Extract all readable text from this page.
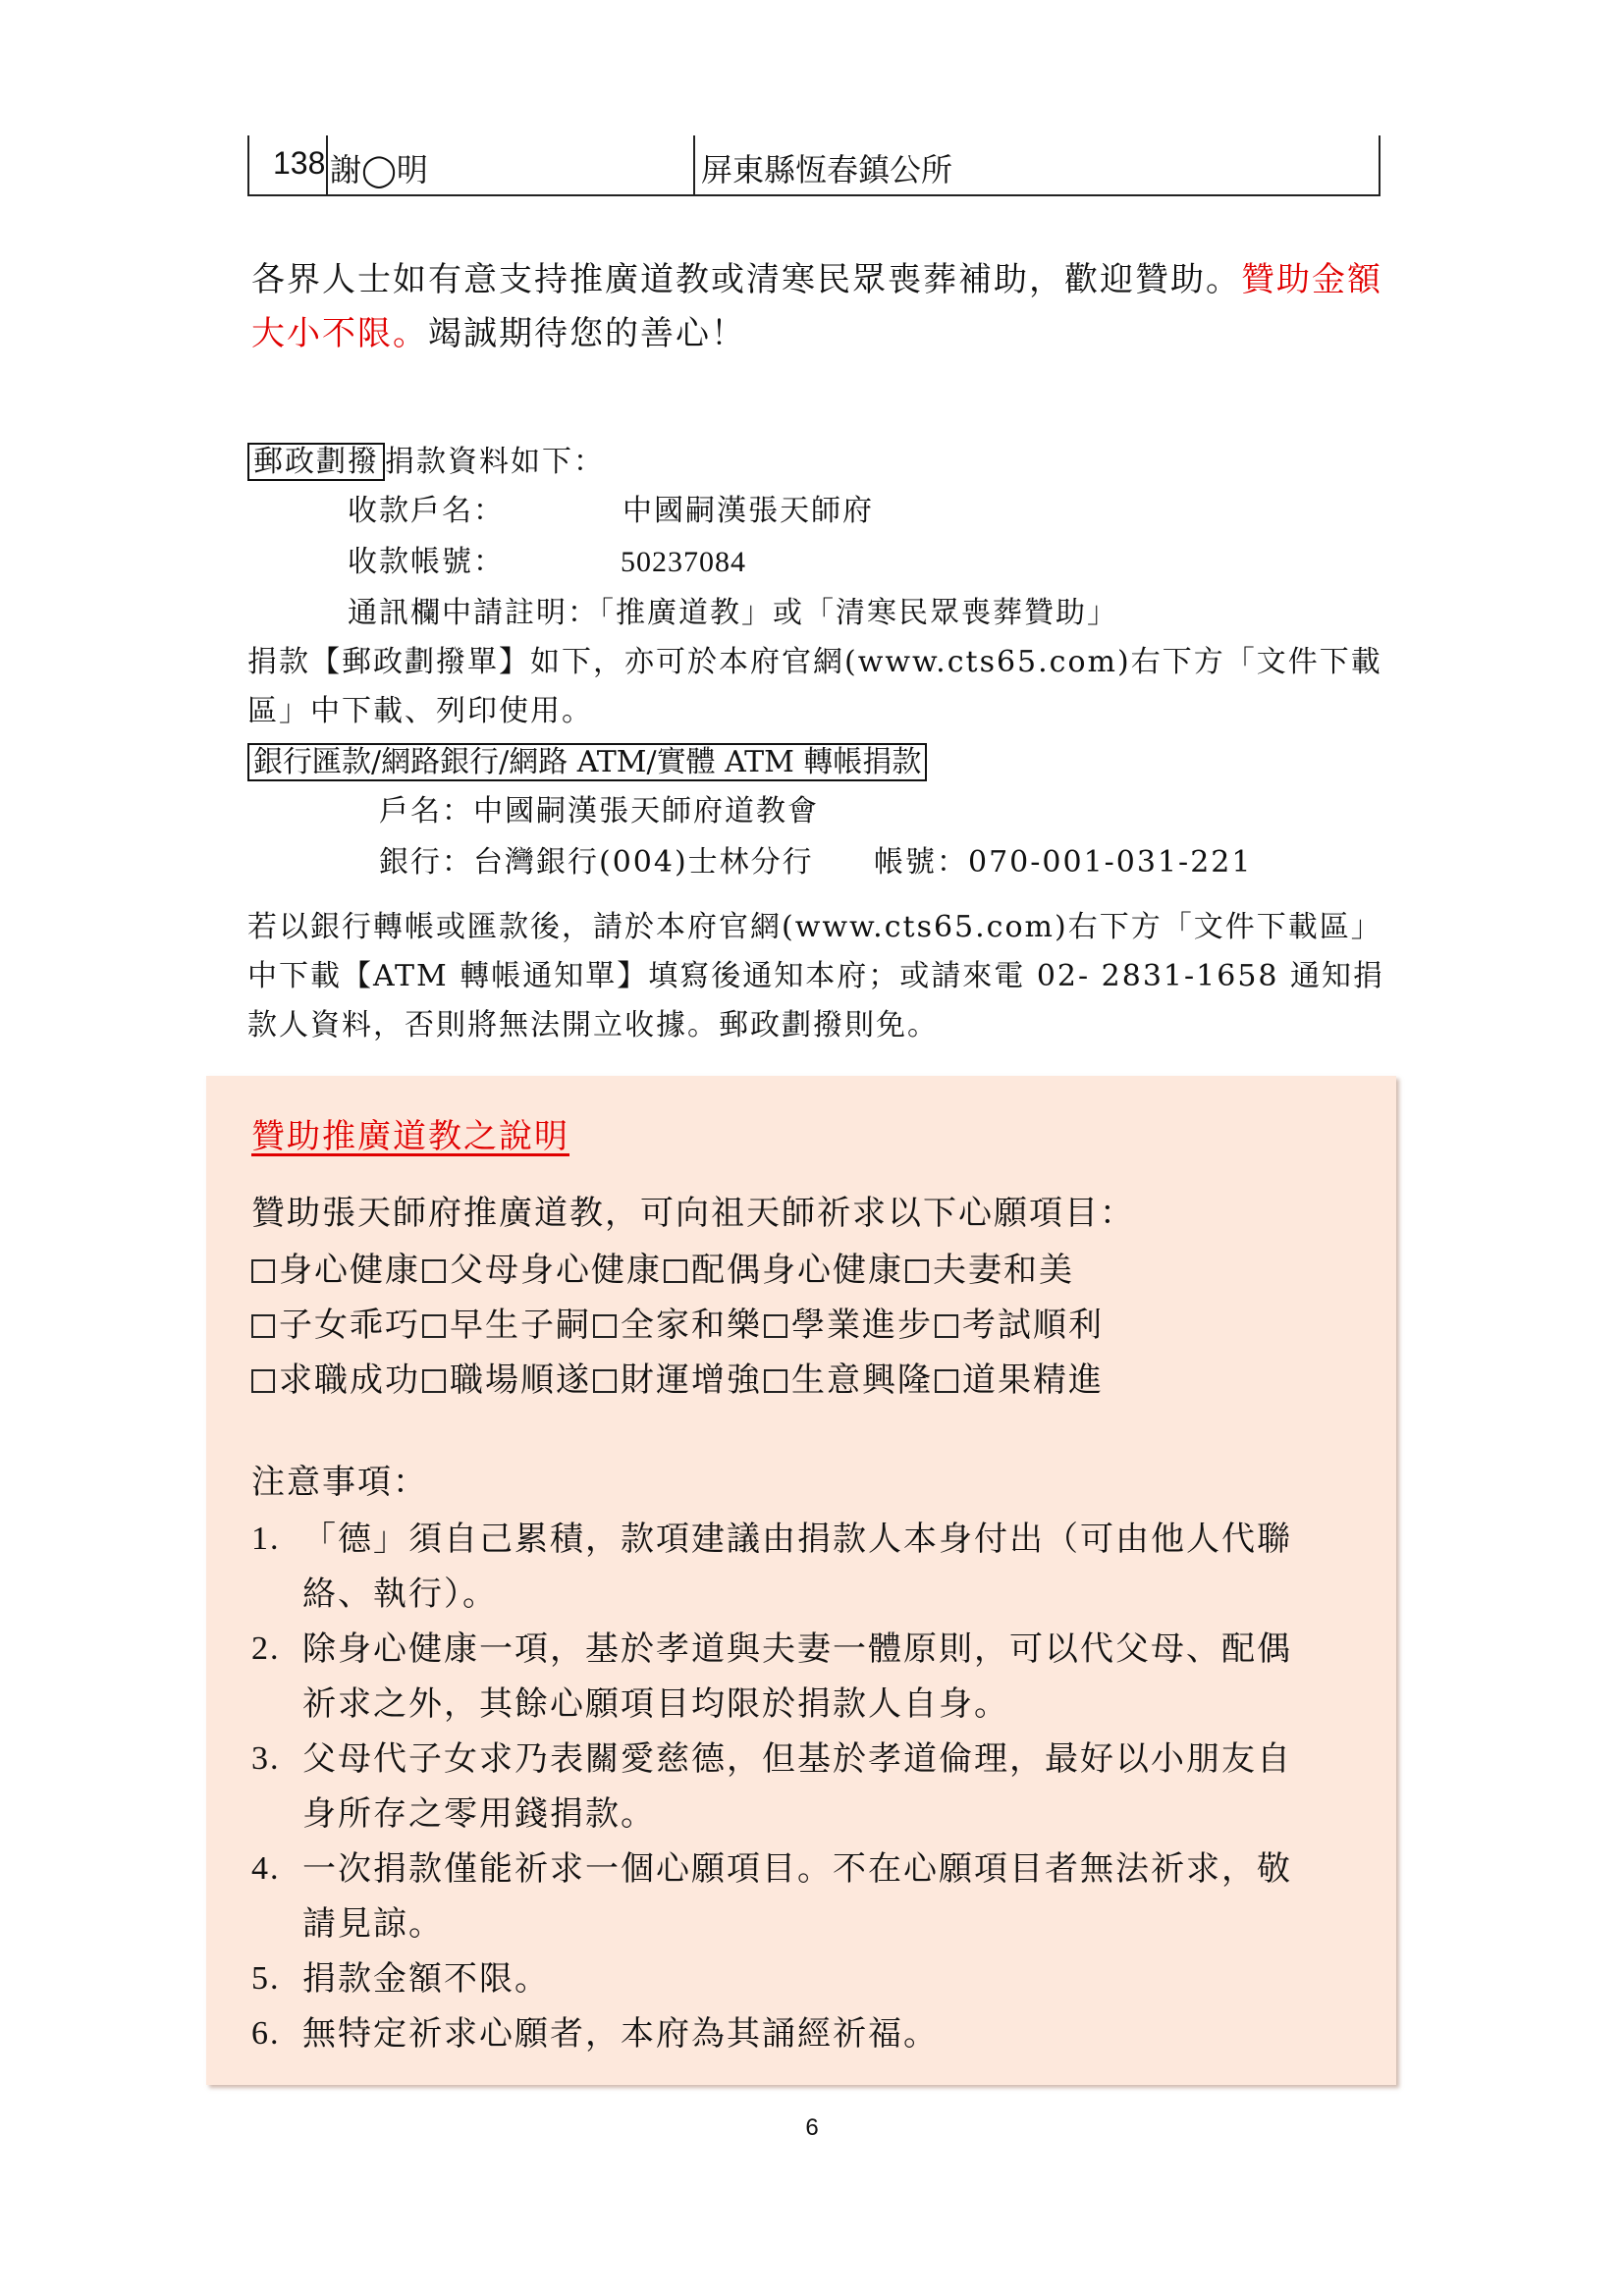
138 謝◯明	屏東縣恆春鎮公所
各界人士如有意支持推廣道教或清寒民眾喪葬補助，歡迎贊助。贊助金額大小不限。竭誠期待您的善心！
郵政劃撥 捐款資料如下：
收款戶名：	中國嗣漢張天師府
收款帳號：	50237084
通訊欄中請註明：「推廣道教」或「清寒民眾喪葬贊助」
捐款【郵政劃撥單】如下，亦可於本府官網(www.cts65.com)右下方「文件下載
區」中下載、列印使用。
銀行匯款/網路銀行/網路 ATM/實體 ATM 轉帳捐款
戶名：中國嗣漢張天師府道教會
銀行：台灣銀行(004)士林分行 帳號：070-001-031-221
若以銀行轉帳或匯款後，請於本府官網(www.cts65.com)右下方「文件下載區」
中下載【ATM 轉帳通知單】填寫後通知本府；或請來電 02- 2831-1658 通知捐
款人資料，否則將無法開立收據。郵政劃撥則免。
贊助推廣道教之說明
贊助張天師府推廣道教，可向祖天師祈求以下心願項目：
身心健康 父母身心健康 配偶身心健康 夫妻和美
子女乖巧 早生子嗣 全家和樂 學業進步 考試順利
求職成功 職場順遂 財運增強 生意興隆 道果精進
注意事項：
1. 「德」須自己累積，款項建議由捐款人本身付出（可由他人代聯
絡、執行）。
2. 除身心健康一項，基於孝道與夫妻一體原則，可以代父母、配偶
祈求之外，其餘心願項目均限於捐款人自身。
3. 父母代子女求乃表關愛慈德，但基於孝道倫理，最好以小朋友自
身所存之零用錢捐款。
4. 一次捐款僅能祈求一個心願項目。不在心願項目者無法祈求，敬
請見諒。
5. 捐款金額不限。
6. 無特定祈求心願者，本府為其誦經祈福。
6
